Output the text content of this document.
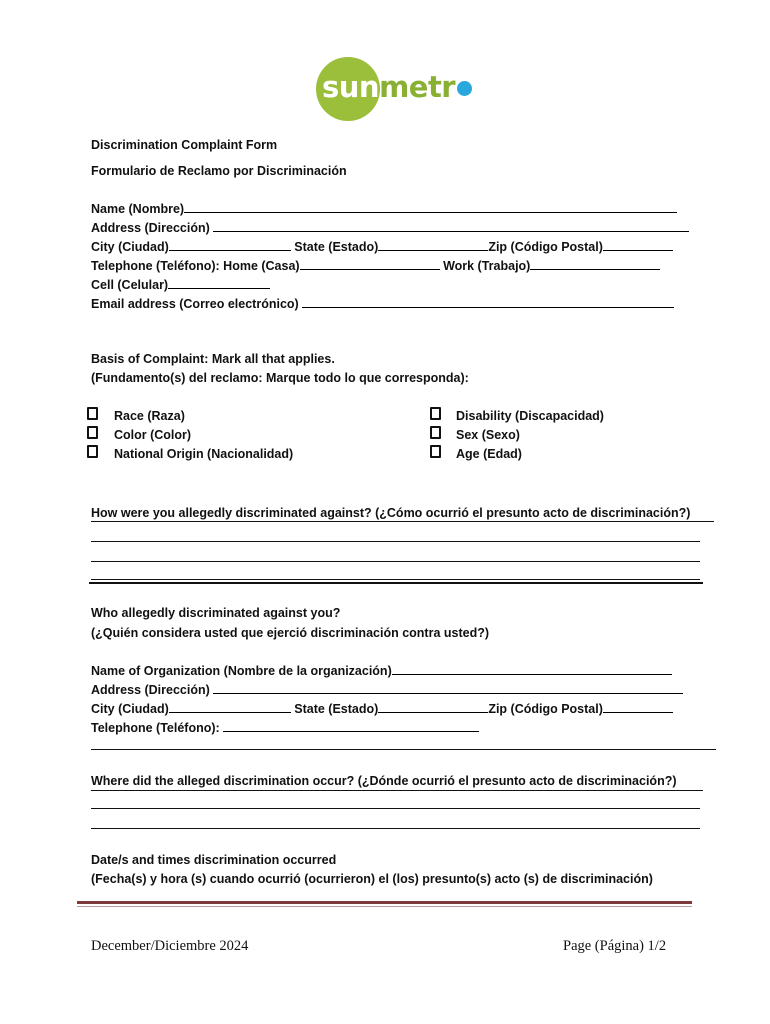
sunmetr
Discrimination Complaint Form
Formulario de Reclamo por Discriminación
Name (Nombre)
Address (Dirección)
City (Ciudad)	State (Estado)	Zip (Código Postal)
Telephone (Teléfono): Home (Casa)	Work (Trabajo)
Cell (Celular)
Email address (Correo electrónico)
Basis of Complaint: Mark all that applies.
(Fundamento(s) del reclamo: Marque todo lo que corresponda):
Race (Raza)
Color (Color)
National Origin (Nacionalidad)
Disability (Discapacidad)
Sex (Sexo)
Age (Edad)
How were you allegedly discriminated against? (¿Cómo ocurrió el presunto acto de discriminación?)
Who allegedly discriminated against you?
(¿Quién considera usted que ejerció discriminación contra usted?)
Name of Organization (Nombre de la organización)
Address (Dirección)
City (Ciudad)	State (Estado)	Zip (Código Postal)
Telephone (Teléfono):
Where did the alleged discrimination occur? (¿Dónde ocurrió el presunto acto de discriminación?)
Date/s and times discrimination occurred
(Fecha(s) y hora (s) cuando ocurrió (ocurrieron) el (los) presunto(s) acto (s) de discriminación)
December/Diciembre 2024	Page (Página) 1/2
